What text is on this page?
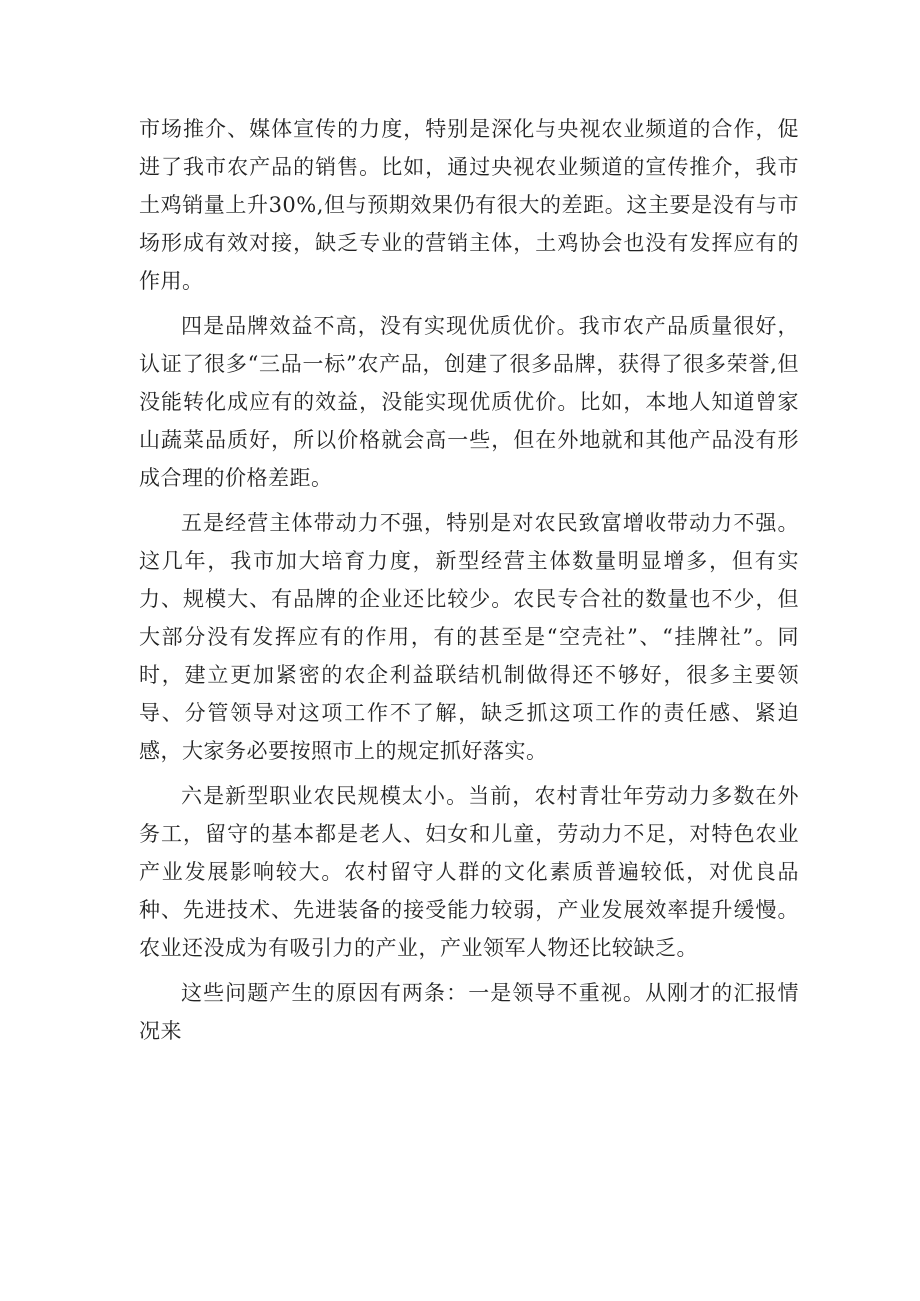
市场推介、媒体宣传的力度，特别是深化与央视农业频道的合作，促进了我市农产品的销售。比如，通过央视农业频道的宣传推介，我市土鸡销量上升30%,但与预期效果仍有很大的差距。这主要是没有与市场形成有效对接，缺乏专业的营销主体，土鸡协会也没有发挥应有的作用。

四是品牌效益不高，没有实现优质优价。我市农产品质量很好，认证了很多“三品一标”农产品，创建了很多品牌，获得了很多荣誉,但没能转化成应有的效益，没能实现优质优价。比如，本地人知道曾家山蔬菜品质好，所以价格就会高一些，但在外地就和其他产品没有形成合理的价格差距。

五是经营主体带动力不强，特别是对农民致富增收带动力不强。这几年，我市加大培育力度，新型经营主体数量明显增多，但有实力、规模大、有品牌的企业还比较少。农民专合社的数量也不少，但大部分没有发挥应有的作用，有的甚至是“空壳社”、“挂牌社”。同时，建立更加紧密的农企利益联结机制做得还不够好，很多主要领导、分管领导对这项工作不了解，缺乏抓这项工作的责任感、紧迫感，大家务必要按照市上的规定抓好落实。

六是新型职业农民规模太小。当前，农村青壮年劳动力多数在外务工，留守的基本都是老人、妇女和儿童，劳动力不足，对特色农业产业发展影响较大。农村留守人群的文化素质普遍较低，对优良品种、先进技术、先进装备的接受能力较弱，产业发展效率提升缓慢。农业还没成为有吸引力的产业，产业领军人物还比较缺乏。

这些问题产生的原因有两条：一是领导不重视。从刚才的汇报情况来
